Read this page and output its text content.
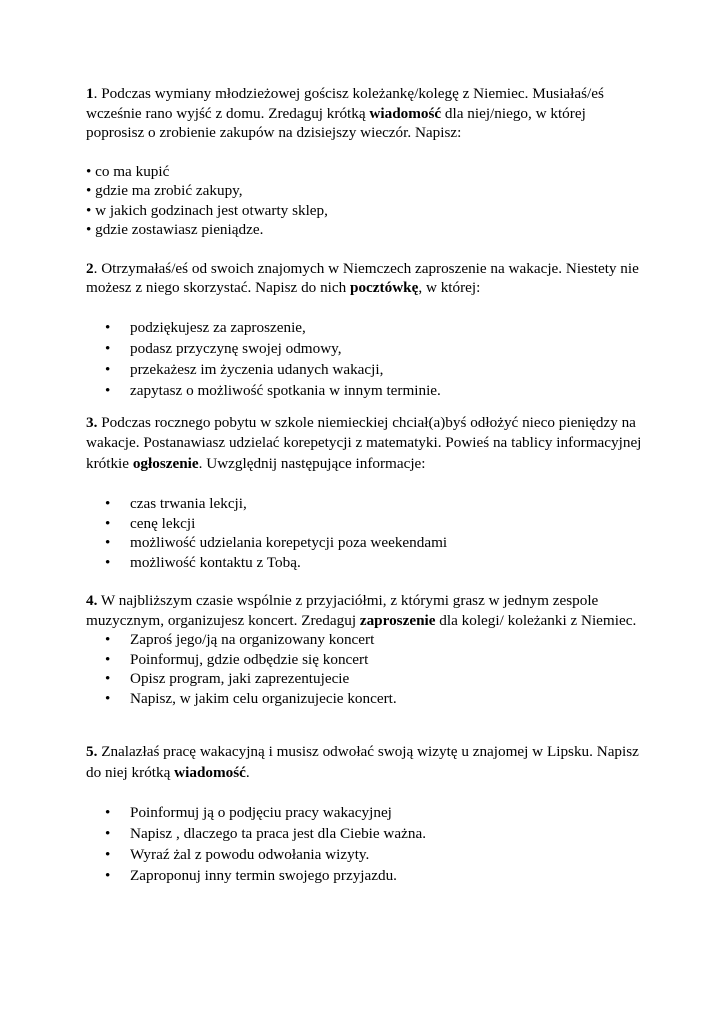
1. Podczas wymiany młodzieżowej gościsz koleżankę/kolegę z Niemiec. Musiałaś/eś wcześnie rano wyjść z domu. Zredaguj krótką wiadomość dla niej/niego, w której poprosisz o zrobienie zakupów na dzisiejszy wieczór. Napisz:

• co ma kupić
• gdzie ma zrobić zakupy,
• w jakich godzinach jest otwarty sklep,
• gdzie zostawiasz pieniądze.

2. Otrzymałaś/eś od swoich znajomych w Niemczech zaproszenie na wakacje. Niestety nie możesz z niego skorzystać. Napisz do nich pocztówkę, w której:

• podziękujesz za zaproszenie,
• podasz przyczynę swojej odmowy,
• przekażesz im życzenia udanych wakacji,
• zapytasz o możliwość spotkania w innym terminie.

3. Podczas rocznego pobytu w szkole niemieckiej chciał(a)byś odłożyć nieco pieniędzy na wakacje. Postanawiasz udzielać korepetycji z matematyki. Powieś na tablicy informacyjnej krótkie ogłoszenie. Uwzględnij następujące informacje:

• czas trwania lekcji,
• cenę lekcji
• możliwość udzielania korepetycji poza weekendami
• możliwość kontaktu z Tobą.

4. W najbliższym czasie wspólnie z przyjaciółmi, z którymi grasz w jednym zespole muzycznym, organizujesz koncert. Zredaguj zaproszenie dla kolegi/ koleżanki z Niemiec.

• Zaproś jego/ją na organizowany koncert
• Poinformuj, gdzie odbędzie się koncert
• Opisz program, jaki zaprezentujecie
• Napisz, w jakim celu organizujecie koncert.

5. Znalazłaś pracę wakacyjną i musisz odwołać swoją wizytę u znajomej w Lipsku. Napisz do niej krótką wiadomość.

• Poinformuj ją o podjęciu pracy wakacyjnej
• Napisz , dlaczego ta praca jest dla Ciebie ważna.
• Wyraź żal z powodu odwołania wizyty.
• Zaproponuj inny termin swojego przyjazdu.
